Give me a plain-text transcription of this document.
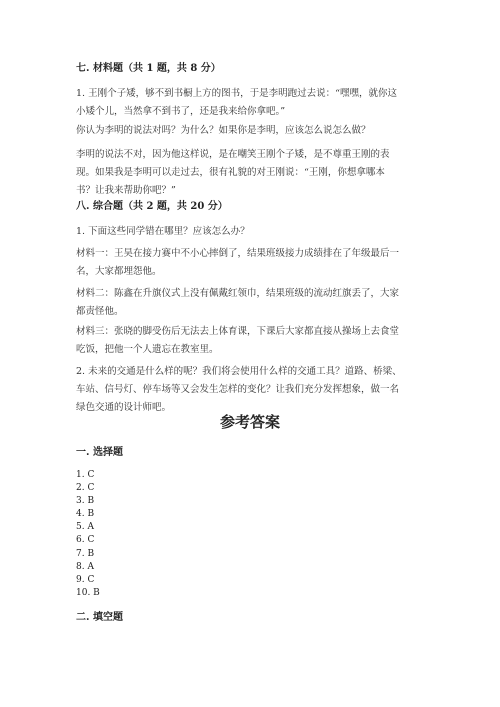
七. 材料题（共 1 题，共 8 分）
1. 王刚个子矮，够不到书橱上方的图书，于是李明跑过去说：“嘿嘿，就你这
小矮个儿，当然拿不到书了，还是我来给你拿吧。”
你认为李明的说法对吗？为什么？如果你是李明，应该怎么说怎么做？
李明的说法不对，因为他这样说，是在嘲笑王刚个子矮，是不尊重王刚的表
现。如果我是李明可以走过去，很有礼貌的对王刚说：“王刚，你想拿哪本
书？让我来帮助你吧？”
八. 综合题（共 2 题，共 20 分）
1. 下面这些同学错在哪里？应该怎么办？
材料一：王昊在接力赛中不小心摔倒了，结果班级接力成绩排在了年级最后一
名，大家都埋怨他。
材料二：陈鑫在升旗仪式上没有佩戴红领巾，结果班级的流动红旗丢了，大家
都责怪他。
材料三：张晓的脚受伤后无法去上体育课，下课后大家都直接从操场上去食堂
吃饭，把他一个人遗忘在教室里。
2. 未来的交通是什么样的呢？我们将会使用什么样的交通工具？道路、桥梁、
车站、信号灯、停车场等又会发生怎样的变化？让我们充分发挥想象，做一名
绿色交通的设计师吧。
参考答案
一. 选择题
1. C
2. C
3. B
4. B
5. A
6. C
7. B
8. A
9. C
10. B
二. 填空题
